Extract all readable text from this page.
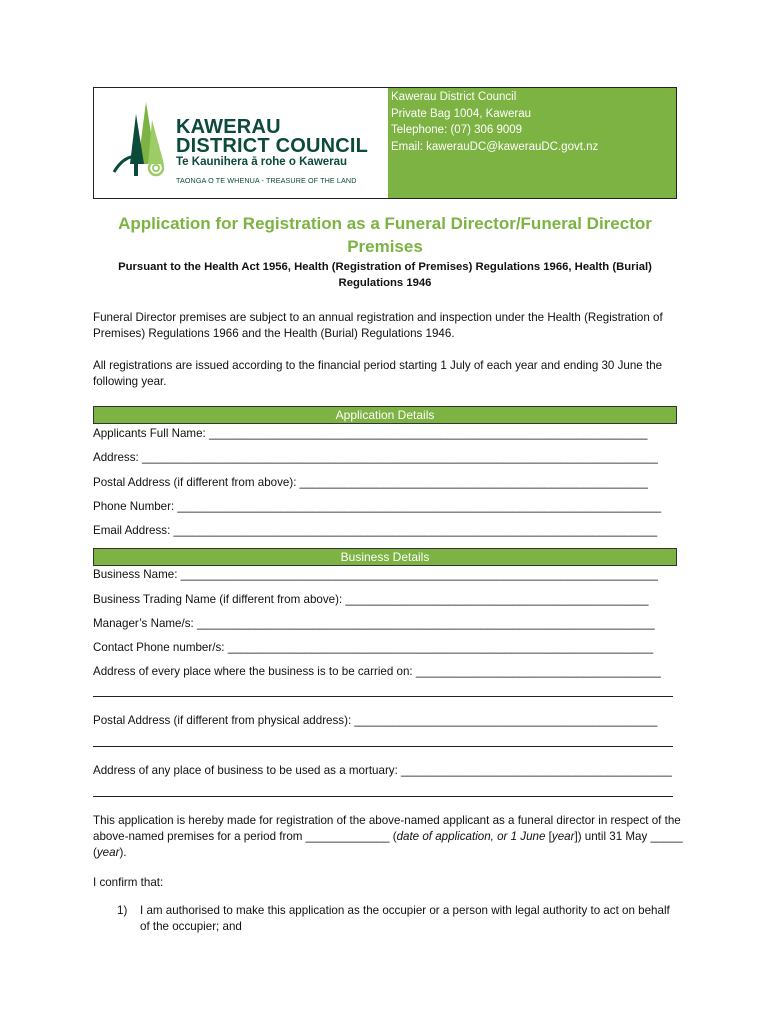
KAWERAU
DISTRICT COUNCIL
Te Kaunihera ā rohe o Kawerau
TAONGA O TE WHENUA - TREASURE OF THE LAND
Kawerau District Council
Private Bag 1004, Kawerau
Telephone: (07) 306 9009
Email: kawerauDC@kawerauDC.govt.nz
Application for Registration as a Funeral Director/Funeral Director Premises
Pursuant to the Health Act 1956, Health (Registration of Premises) Regulations 1966, Health (Burial) Regulations 1946
Funeral Director premises are subject to an annual registration and inspection under the Health (Registration of Premises) Regulations 1966 and the Health (Burial) Regulations 1946.
All registrations are issued according to the financial period starting 1 July of each year and ending 30 June the following year.
Application Details
Applicants Full Name: ____________________________________________________________________
Address: ________________________________________________________________________________
Postal Address (if different from above): ______________________________________________________
Phone Number: ___________________________________________________________________________
Email Address: ___________________________________________________________________________
Business Details
Business Name: __________________________________________________________________________
Business Trading Name (if different from above): _______________________________________________
Manager’s Name/s: _______________________________________________________________________
Contact Phone number/s: __________________________________________________________________
Address of every place where the business is to be carried on: ______________________________________
Postal Address (if different from physical address): _______________________________________________
Address of any place of business to be used as a mortuary: __________________________________________
This application is hereby made for registration of the above-named applicant as a funeral director in respect of the above-named premises for a period from _____________ (date of application, or 1 June [year]) until 31 May _____ (year).
I confirm that:
1) I am authorised to make this application as the occupier or a person with legal authority to act on behalf of the occupier; and
